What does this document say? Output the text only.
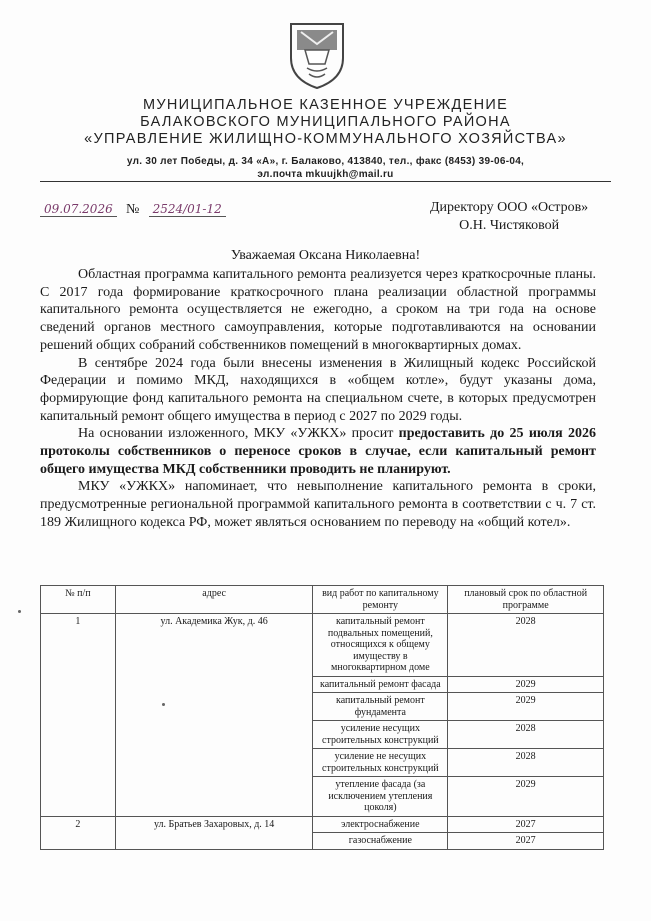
МУНИЦИПАЛЬНОЕ КАЗЕННОЕ УЧРЕЖДЕНИЕ
БАЛАКОВСКОГО МУНИЦИПАЛЬНОГО РАЙОНА
«УПРАВЛЕНИЕ ЖИЛИЩНО-КОММУНАЛЬНОГО ХОЗЯЙСТВА»
ул. 30 лет Победы, д. 34 «А», г. Балаково, 413840, тел., факс (8453) 39-06-04,
эл.почта mkuujkh@mail.ru
09.07.2026 № 2524/01-12	Директору ООО «Остров»
О.Н. Чистяковой
Уважаемая Оксана Николаевна!

Областная программа капитального ремонта реализуется через краткосрочные планы. С 2017 года формирование краткосрочного плана реализации областной программы капитального ремонта осуществляется не ежегодно, а сроком на три года на основе сведений органов местного самоуправления, которые подготавливаются на основании решений общих собраний собственников помещений в многоквартирных домах.

В сентябре 2024 года были внесены изменения в Жилищный кодекс Российской Федерации и помимо МКД, находящихся в «общем котле», будут указаны дома, формирующие фонд капитального ремонта на специальном счете, в которых предусмотрен капитальный ремонт общего имущества в период с 2027 по 2029 годы.

На основании изложенного, МКУ «УЖКХ» просит предоставить до 25 июля 2026 протоколы собственников о переносе сроков в случае, если капитальный ремонт общего имущества МКД собственники проводить не планируют.

МКУ «УЖКХ» напоминает, что невыполнение капитального ремонта в сроки, предусмотренные региональной программой капитального ремонта в соответствии с ч. 7 ст. 189 Жилищного кодекса РФ, может являться основанием по переводу на «общий котел».

№ п/п	адрес	вид работ по капитальному ремонту	плановый срок по областной программе
1	ул. Академика Жук, д. 46	капитальный ремонт подвальных помещений, относящихся к общему имуществу в многоквартирном доме	2028
		капитальный ремонт фасада	2029
		капитальный ремонт фундамента	2029
		усиление несущих строительных конструкций	2028
		усиление не несущих строительных конструкций	2028
		утепление фасада (за исключением утепления цоколя)	2029
2	ул. Братьев Захаровых, д. 14	электроснабжение	2027
		газоснабжение	2027
